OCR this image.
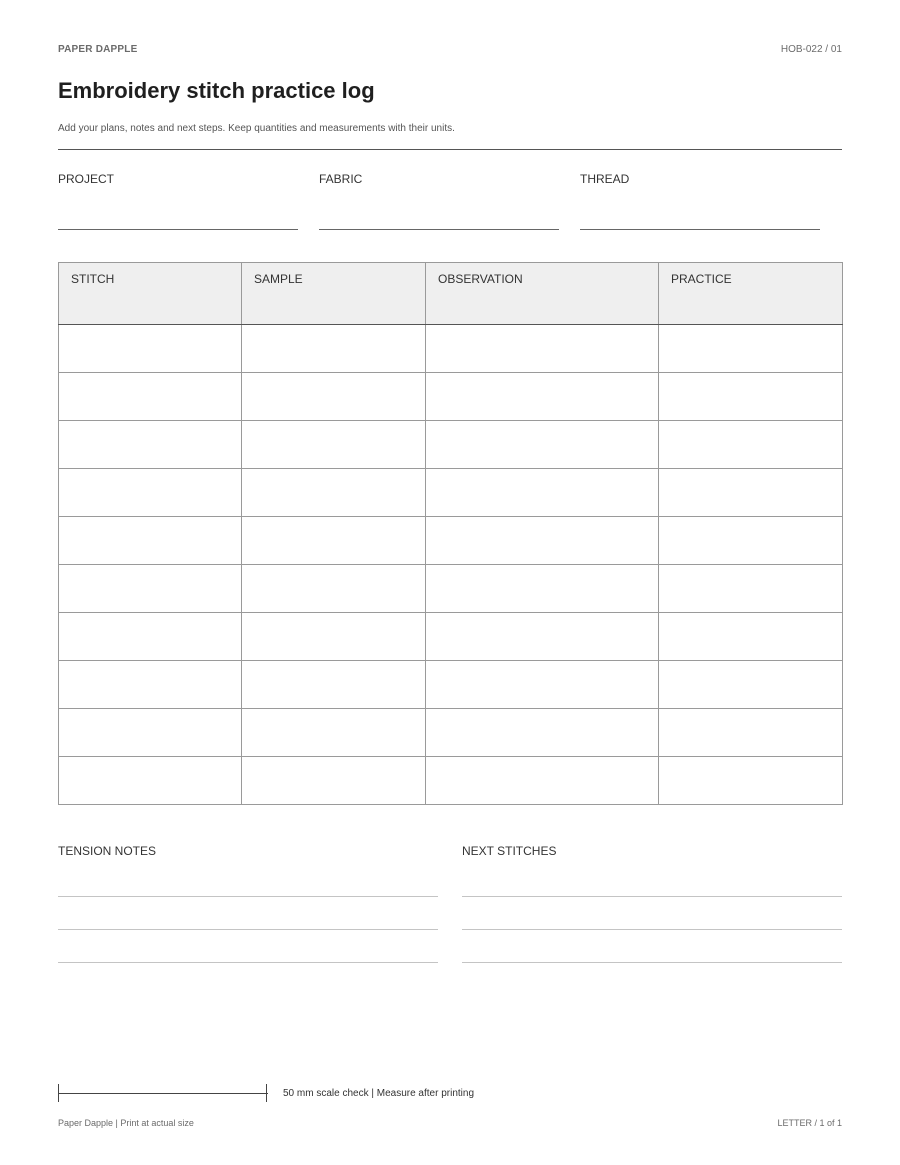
PAPER DAPPLE	HOB-022 / 01
Embroidery stitch practice log
Add your plans, notes and next steps. Keep quantities and measurements with their units.
PROJECT	FABRIC	THREAD
STITCH	SAMPLE	OBSERVATION	PRACTICE

TENSION NOTES	NEXT STITCHES
50 mm scale check | Measure after printing
Paper Dapple | Print at actual size	LETTER / 1 of 1
